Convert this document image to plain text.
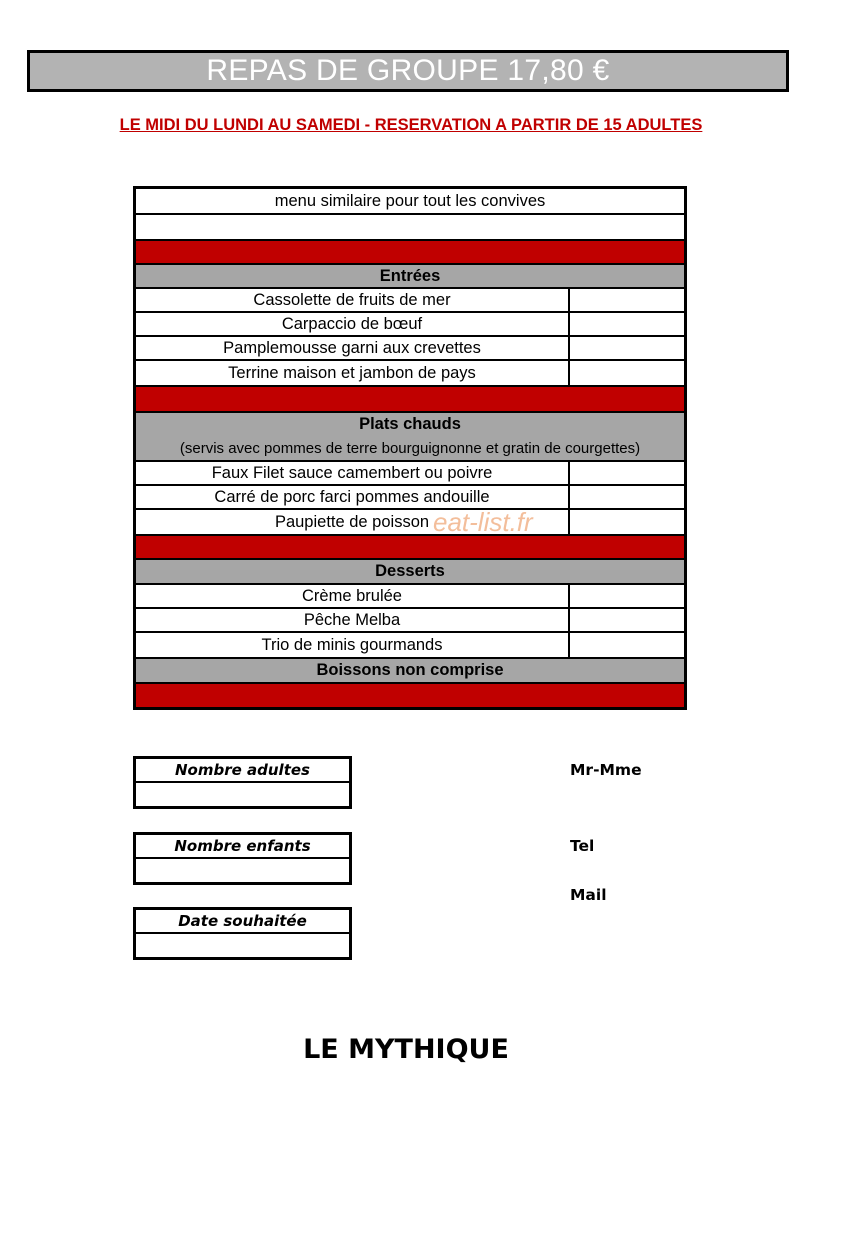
REPAS DE GROUPE 17,80 €
LE MIDI DU LUNDI AU SAMEDI - RESERVATION A PARTIR DE 15 ADULTES
menu similaire pour tout les convives
Entrées
Cassolette de fruits de mer
Carpaccio de bœuf
Pamplemousse garni aux crevettes
Terrine maison et jambon de pays
Plats chauds
(servis avec pommes de terre bourguignonne et gratin de courgettes)
Faux Filet sauce camembert ou poivre
Carré de porc farci pommes andouille
Paupiette de poisson
Desserts
Crème brulée
Pêche Melba
Trio de minis gourmands
Boissons non comprise
eat-list.fr
Nombre adultes
Nombre enfants
Date souhaitée
Mr-Mme
Tel
Mail
LE MYTHIQUE
